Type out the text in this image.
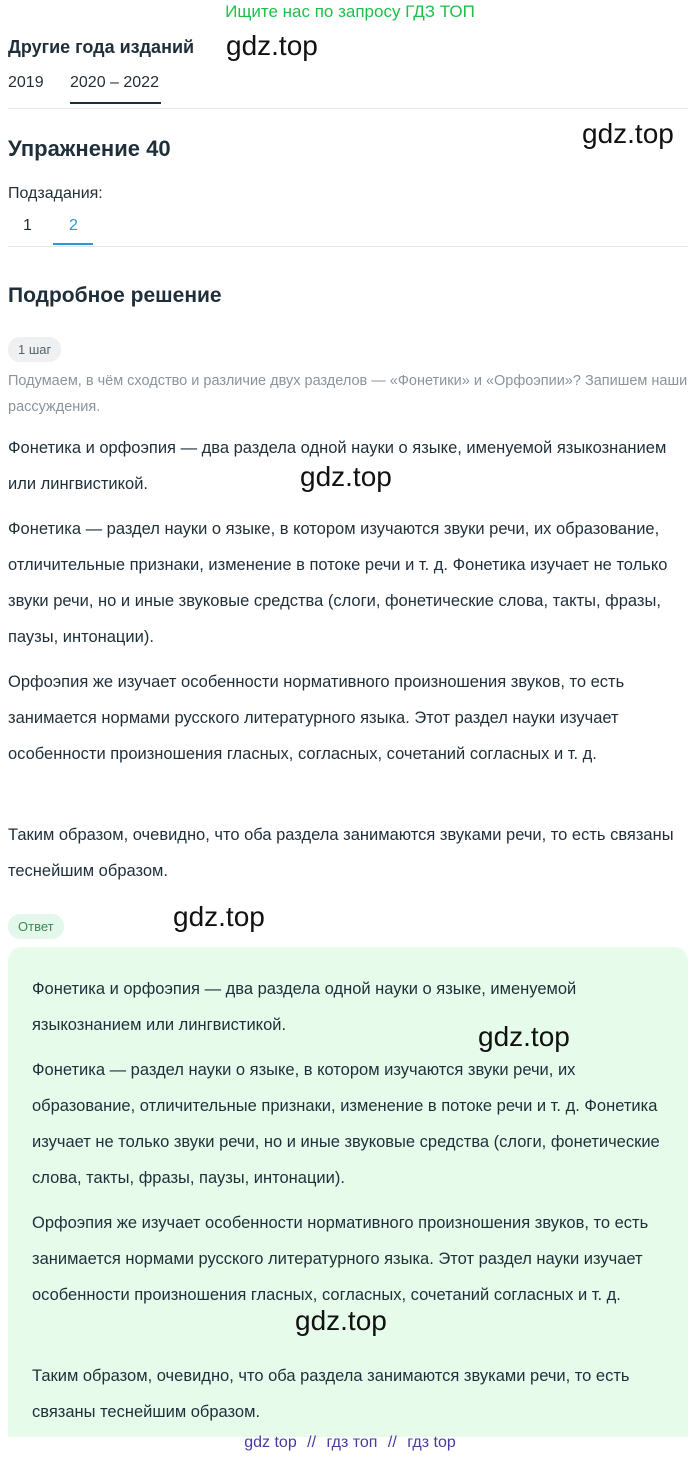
Ищите нас по запросу ГДЗ ТОП
Другие года изданий gdz.top
2019 2020 – 2022
Упражнение 40	gdz.top
Подзадания:
1 2
Подробное решение
1 шаг
Подумаем, в чём сходство и различие двух разделов — «Фонетики» и «Орфоэпии»? Запишем наши рассуждения.
Фонетика и орфоэпия — два раздела одной науки о языке, именуемой языкознанием или лингвистикой.	gdz.top
Фонетика — раздел науки о языке, в котором изучаются звуки речи, их образование, отличительные признаки, изменение в потоке речи и т. д. Фонетика изучает не только звуки речи, но и иные звуковые средства (слоги, фонетические слова, такты, фразы, паузы, интонации).
Орфоэпия же изучает особенности нормативного произношения звуков, то есть занимается нормами русского литературного языка. Этот раздел науки изучает особенности произношения гласных, согласных, сочетаний согласных и т. д.
Таким образом, очевидно, что оба раздела занимаются звуками речи, то есть связаны теснейшим образом.
Ответ	gdz.top
Фонетика и орфоэпия — два раздела одной науки о языке, именуемой языкознанием или лингвистикой.	gdz.top
Фонетика — раздел науки о языке, в котором изучаются звуки речи, их образование, отличительные признаки, изменение в потоке речи и т. д. Фонетика изучает не только звуки речи, но и иные звуковые средства (слоги, фонетические слова, такты, фразы, паузы, интонации).
Орфоэпия же изучает особенности нормативного произношения звуков, то есть занимается нормами русского литературного языка. Этот раздел науки изучает особенности произношения гласных, согласных, сочетаний согласных и т. д.
gdz.top
Таким образом, очевидно, что оба раздела занимаются звуками речи, то есть связаны теснейшим образом.
gdz top // гдз топ // гдз top
